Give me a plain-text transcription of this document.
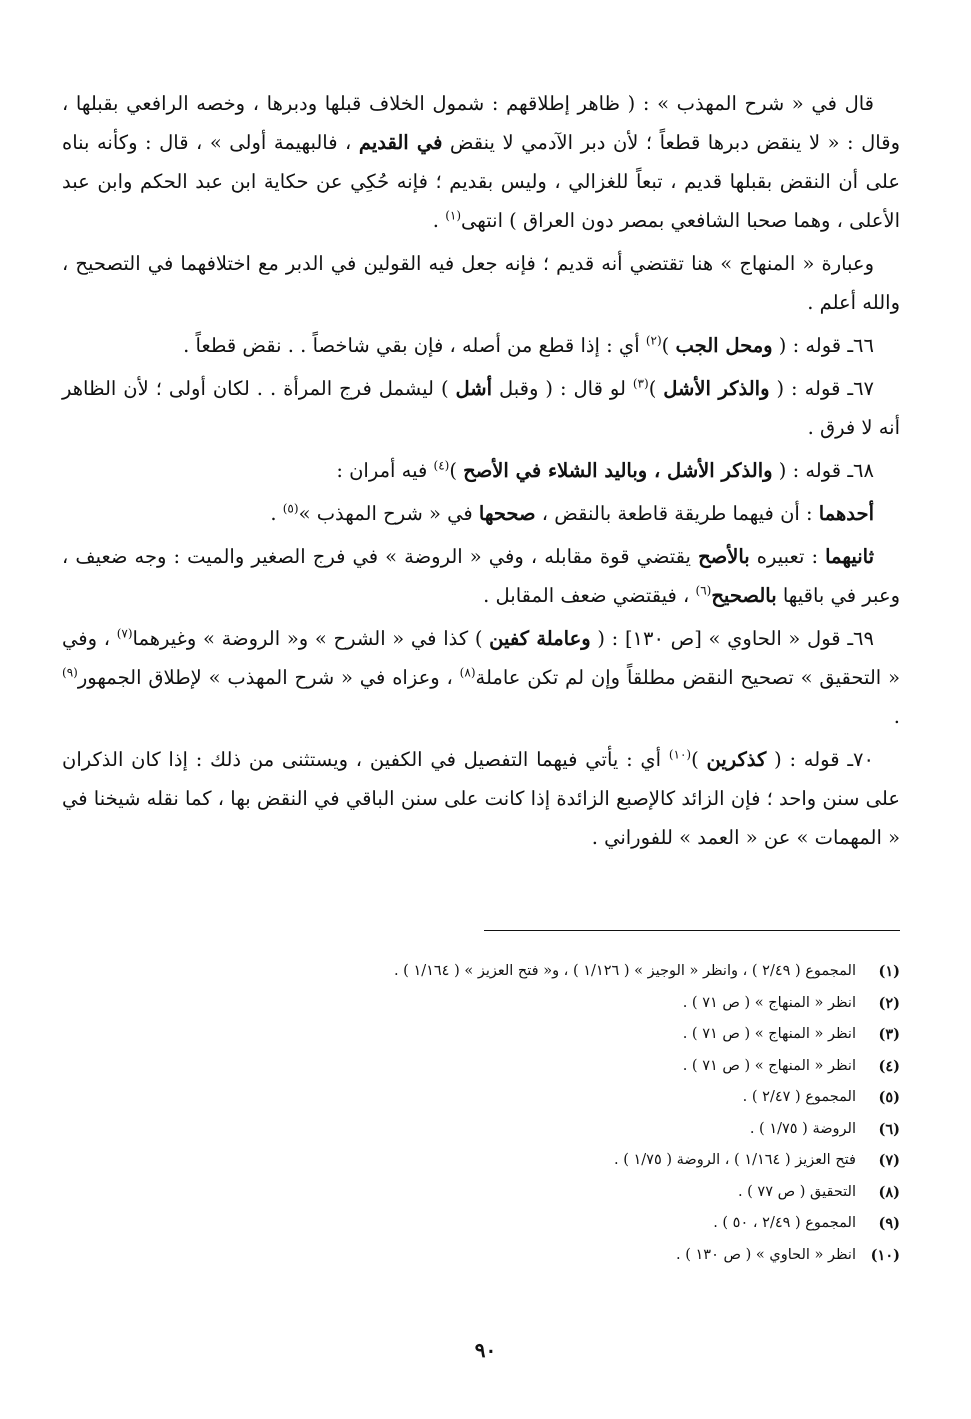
قال في « شرح المهذب » : ( ظاهر إطلاقهم : شمول الخلاف قبلها ودبرها ، وخصه الرافعي بقبلها ، وقال : « لا ينقض دبرها قطعاً ؛ لأن دبر الآدمي لا ينقض في القديم ، فالبهيمة أولى » ، قال : وكأنه بناه على أن النقض بقبلها قديم ، تبعاً للغزالي ، وليس بقديم ؛ فإنه حُكِي عن حكاية ابن عبد الحكم وابن عبد الأعلى ، وهما صحبا الشافعي بمصر دون العراق ) انتهى$^{(١)}$ .

وعبارة « المنهاج » هنا تقتضي أنه قديم ؛ فإنه جعل فيه القولين في الدبر مع اختلافهما في التصحيح ، والله أعلم .

٦٦ـ قوله : ( ومحل الجب )$^{(٢)}$ أي : إذا قطع من أصله ، فإن بقي شاخصاً . . نقض قطعاً .

٦٧ـ قوله : ( والذكر الأشل )$^{(٣)}$ لو قال : ( وقبل أشل ) ليشمل فرج المرأة . . لكان أولى ؛ لأن الظاهر أنه لا فرق .

٦٨ـ قوله : ( والذكر الأشل ، وباليد الشلاء في الأصح )$^{(٤)}$ فيه أمران :

أحدهما : أن فيهما طريقة قاطعة بالنقض ، صححها في « شرح المهذب »$^{(٥)}$ .

ثانيهما : تعبيره بالأصح يقتضي قوة مقابله ، وفي « الروضة » في فرج الصغير والميت : وجه ضعيف ، وعبر في باقيها بالصحيح$^{(٦)}$ ، فيقتضي ضعف المقابل .

٦٩ـ قول « الحاوي » [ص ١٣٠] : ( وعاملة كفين ) كذا في « الشرح » و« الروضة » وغيرهما$^{(٧)}$ ، وفي « التحقيق » تصحيح النقض مطلقاً وإن لم تكن عاملة$^{(٨)}$ ، وعزاه في « شرح المهذب » لإطلاق الجمهور$^{(٩)}$ .

٧٠ـ قوله : ( كذكرين )$^{(١٠)}$ أي : يأتي فيهما التفصيل في الكفين ، ويستثنى من ذلك : إذا كان الذكران على سنن واحد ؛ فإن الزائد كالإصبع الزائدة إذا كانت على سنن الباقي في النقض بها ، كما نقله شيخنا في « المهمات » عن « العمد » للفوراني .

(١)
المجموع ( ٢/٤٩ ) ، وانظر « الوجيز » ( ١/١٢٦ ) ، و« فتح العزيز » ( ١/١٦٤ ) .
(٢)
انظر « المنهاج » ( ص ٧١ ) .
(٣)
انظر « المنهاج » ( ص ٧١ ) .
(٤)
انظر « المنهاج » ( ص ٧١ ) .
(٥)
المجموع ( ٢/٤٧ ) .
(٦)
الروضة ( ١/٧٥ ) .
(٧)
فتح العزيز ( ١/١٦٤ ) ، الروضة ( ١/٧٥ ) .
(٨)
التحقيق ( ص ٧٧ ) .
(٩)
المجموع ( ٢/٤٩ ، ٥٠ ) .
(١٠)
انظر « الحاوي » ( ص ١٣٠ ) .
٩٠
